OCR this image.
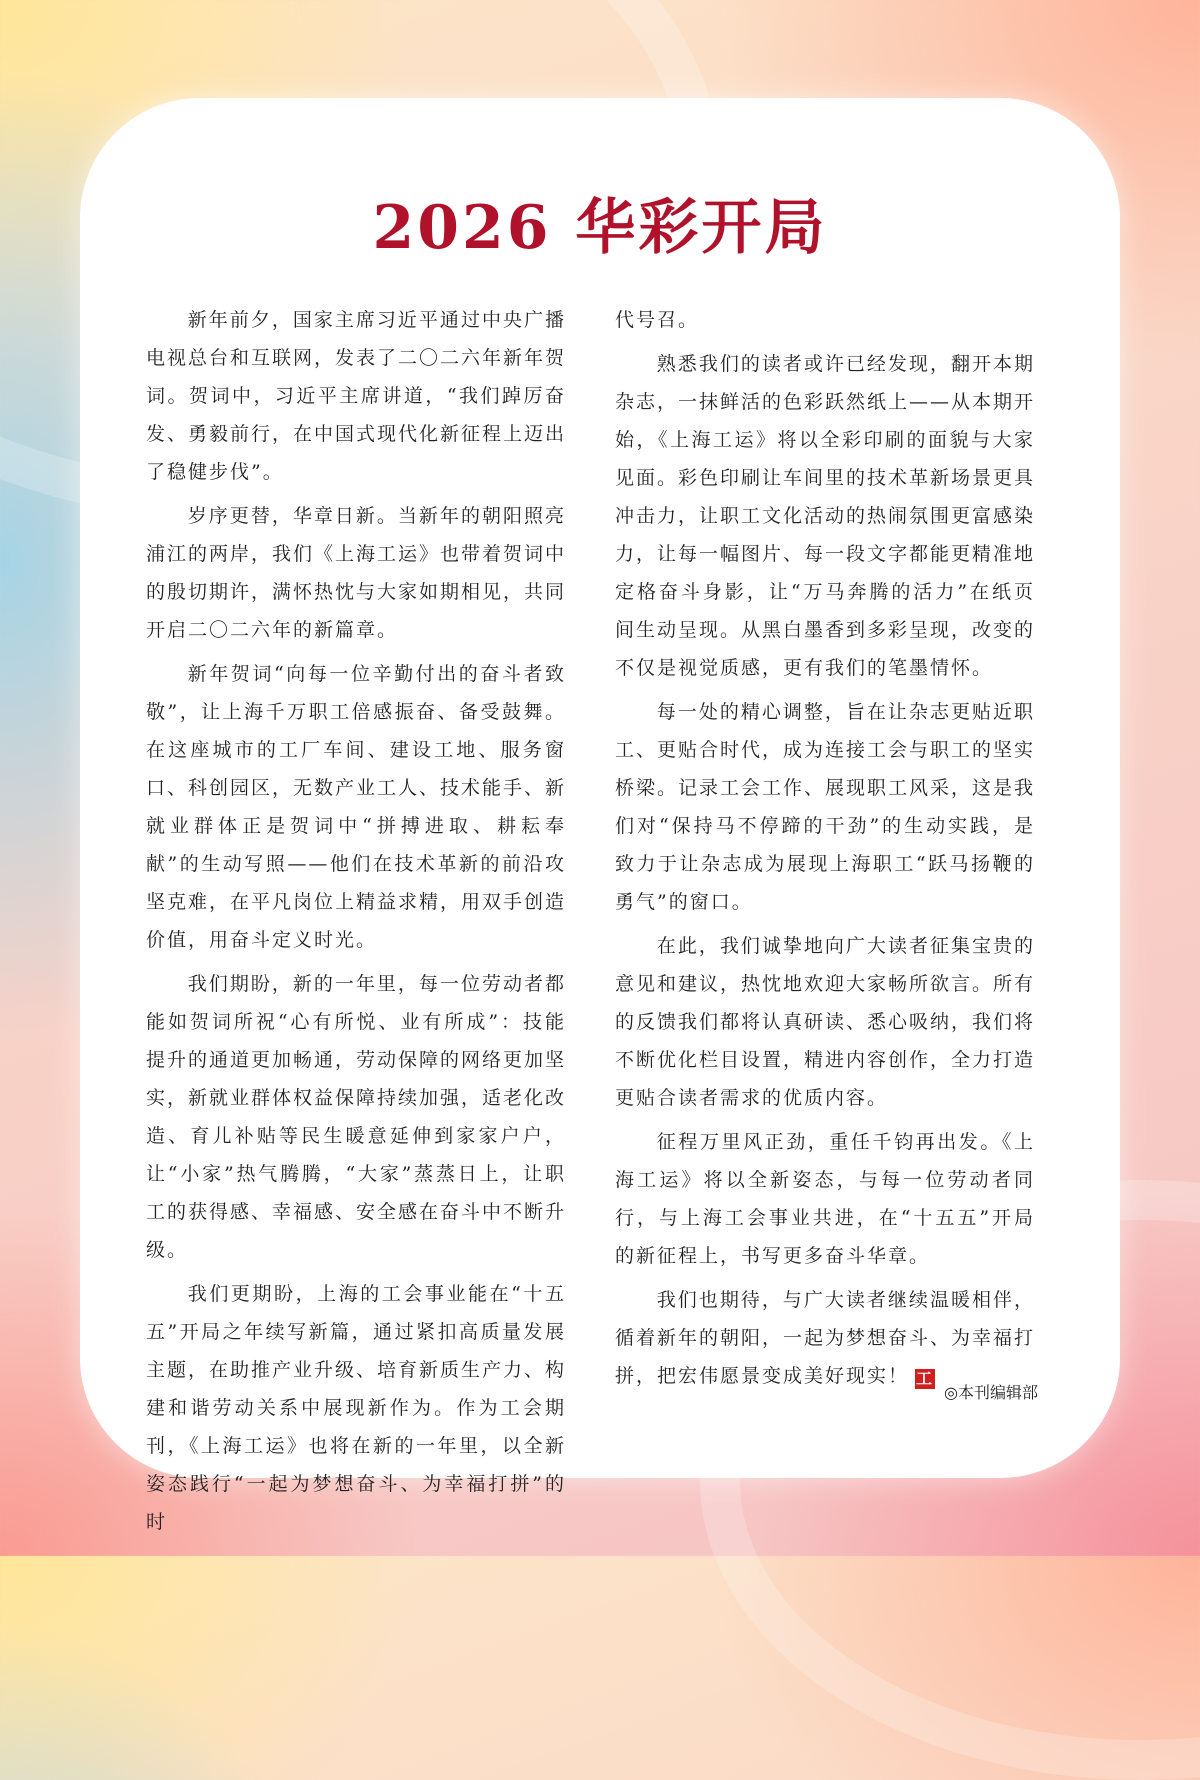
2026 华彩开局

新年前夕，国家主席习近平通过中央广播电视总台和互联网，发表了二〇二六年新年贺词。贺词中，习近平主席讲道，“我们踔厉奋发、勇毅前行，在中国式现代化新征程上迈出了稳健步伐”。

岁序更替，华章日新。当新年的朝阳照亮浦江的两岸，我们《上海工运》也带着贺词中的殷切期许，满怀热忱与大家如期相见，共同开启二〇二六年的新篇章。

新年贺词“向每一位辛勤付出的奋斗者致敬”，让上海千万职工倍感振奋、备受鼓舞。在这座城市的工厂车间、建设工地、服务窗口、科创园区，无数产业工人、技术能手、新就业群体正是贺词中“拼搏进取、耕耘奉献”的生动写照——他们在技术革新的前沿攻坚克难，在平凡岗位上精益求精，用双手创造价值，用奋斗定义时光。

我们期盼，新的一年里，每一位劳动者都能如贺词所祝“心有所悦、业有所成”：技能提升的通道更加畅通，劳动保障的网络更加坚实，新就业群体权益保障持续加强，适老化改造、育儿补贴等民生暖意延伸到家家户户，让“小家”热气腾腾，“大家”蒸蒸日上，让职工的获得感、幸福感、安全感在奋斗中不断升级。

我们更期盼，上海的工会事业能在“十五五”开局之年续写新篇，通过紧扣高质量发展主题，在助推产业升级、培育新质生产力、构建和谐劳动关系中展现新作为。作为工会期刊，《上海工运》也将在新的一年里，以全新姿态践行“一起为梦想奋斗、为幸福打拼”的时

代号召。

熟悉我们的读者或许已经发现，翻开本期杂志，一抹鲜活的色彩跃然纸上——从本期开始，《上海工运》将以全彩印刷的面貌与大家见面。彩色印刷让车间里的技术革新场景更具冲击力，让职工文化活动的热闹氛围更富感染力，让每一幅图片、每一段文字都能更精准地定格奋斗身影，让“万马奔腾的活力”在纸页间生动呈现。从黑白墨香到多彩呈现，改变的不仅是视觉质感，更有我们的笔墨情怀。

每一处的精心调整，旨在让杂志更贴近职工、更贴合时代，成为连接工会与职工的坚实桥梁。记录工会工作、展现职工风采，这是我们对“保持马不停蹄的干劲”的生动实践，是致力于让杂志成为展现上海职工“跃马扬鞭的勇气”的窗口。

在此，我们诚挚地向广大读者征集宝贵的意见和建议，热忱地欢迎大家畅所欲言。所有的反馈我们都将认真研读、悉心吸纳，我们将不断优化栏目设置，精进内容创作，全力打造更贴合读者需求的优质内容。

征程万里风正劲，重任千钧再出发。《上海工运》将以全新姿态，与每一位劳动者同行，与上海工会事业共进，在“十五五”开局的新征程上，书写更多奋斗华章。

我们也期待，与广大读者继续温暖相伴，循着新年的朝阳，一起为梦想奋斗、为幸福打拼，把宏伟愿景变成美好现实！ 工

◎本刊编辑部
